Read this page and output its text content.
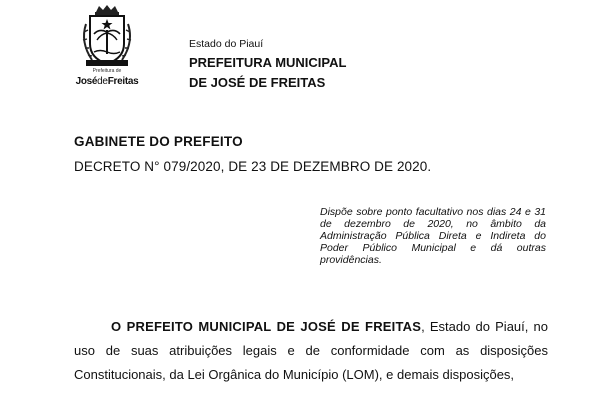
Prefeitura de
JosédeFreitas
Estado do Piauí
PREFEITURA MUNICIPAL
DE JOSÉ DE FREITAS
GABINETE DO PREFEITO
DECRETO N° 079/2020, DE 23 DE DEZEMBRO DE 2020.
Dispõe sobre ponto facultativo nos dias 24 e 31 de dezembro de 2020, no âmbito da Administração Pública Direta e Indireta do Poder Público Municipal e dá outras providências.
O PREFEITO MUNICIPAL DE JOSÉ DE FREITAS, Estado do Piauí, no uso de suas atribuições legais e de conformidade com as disposições Constitucionais, da Lei Orgânica do Município (LOM), e demais disposições,
